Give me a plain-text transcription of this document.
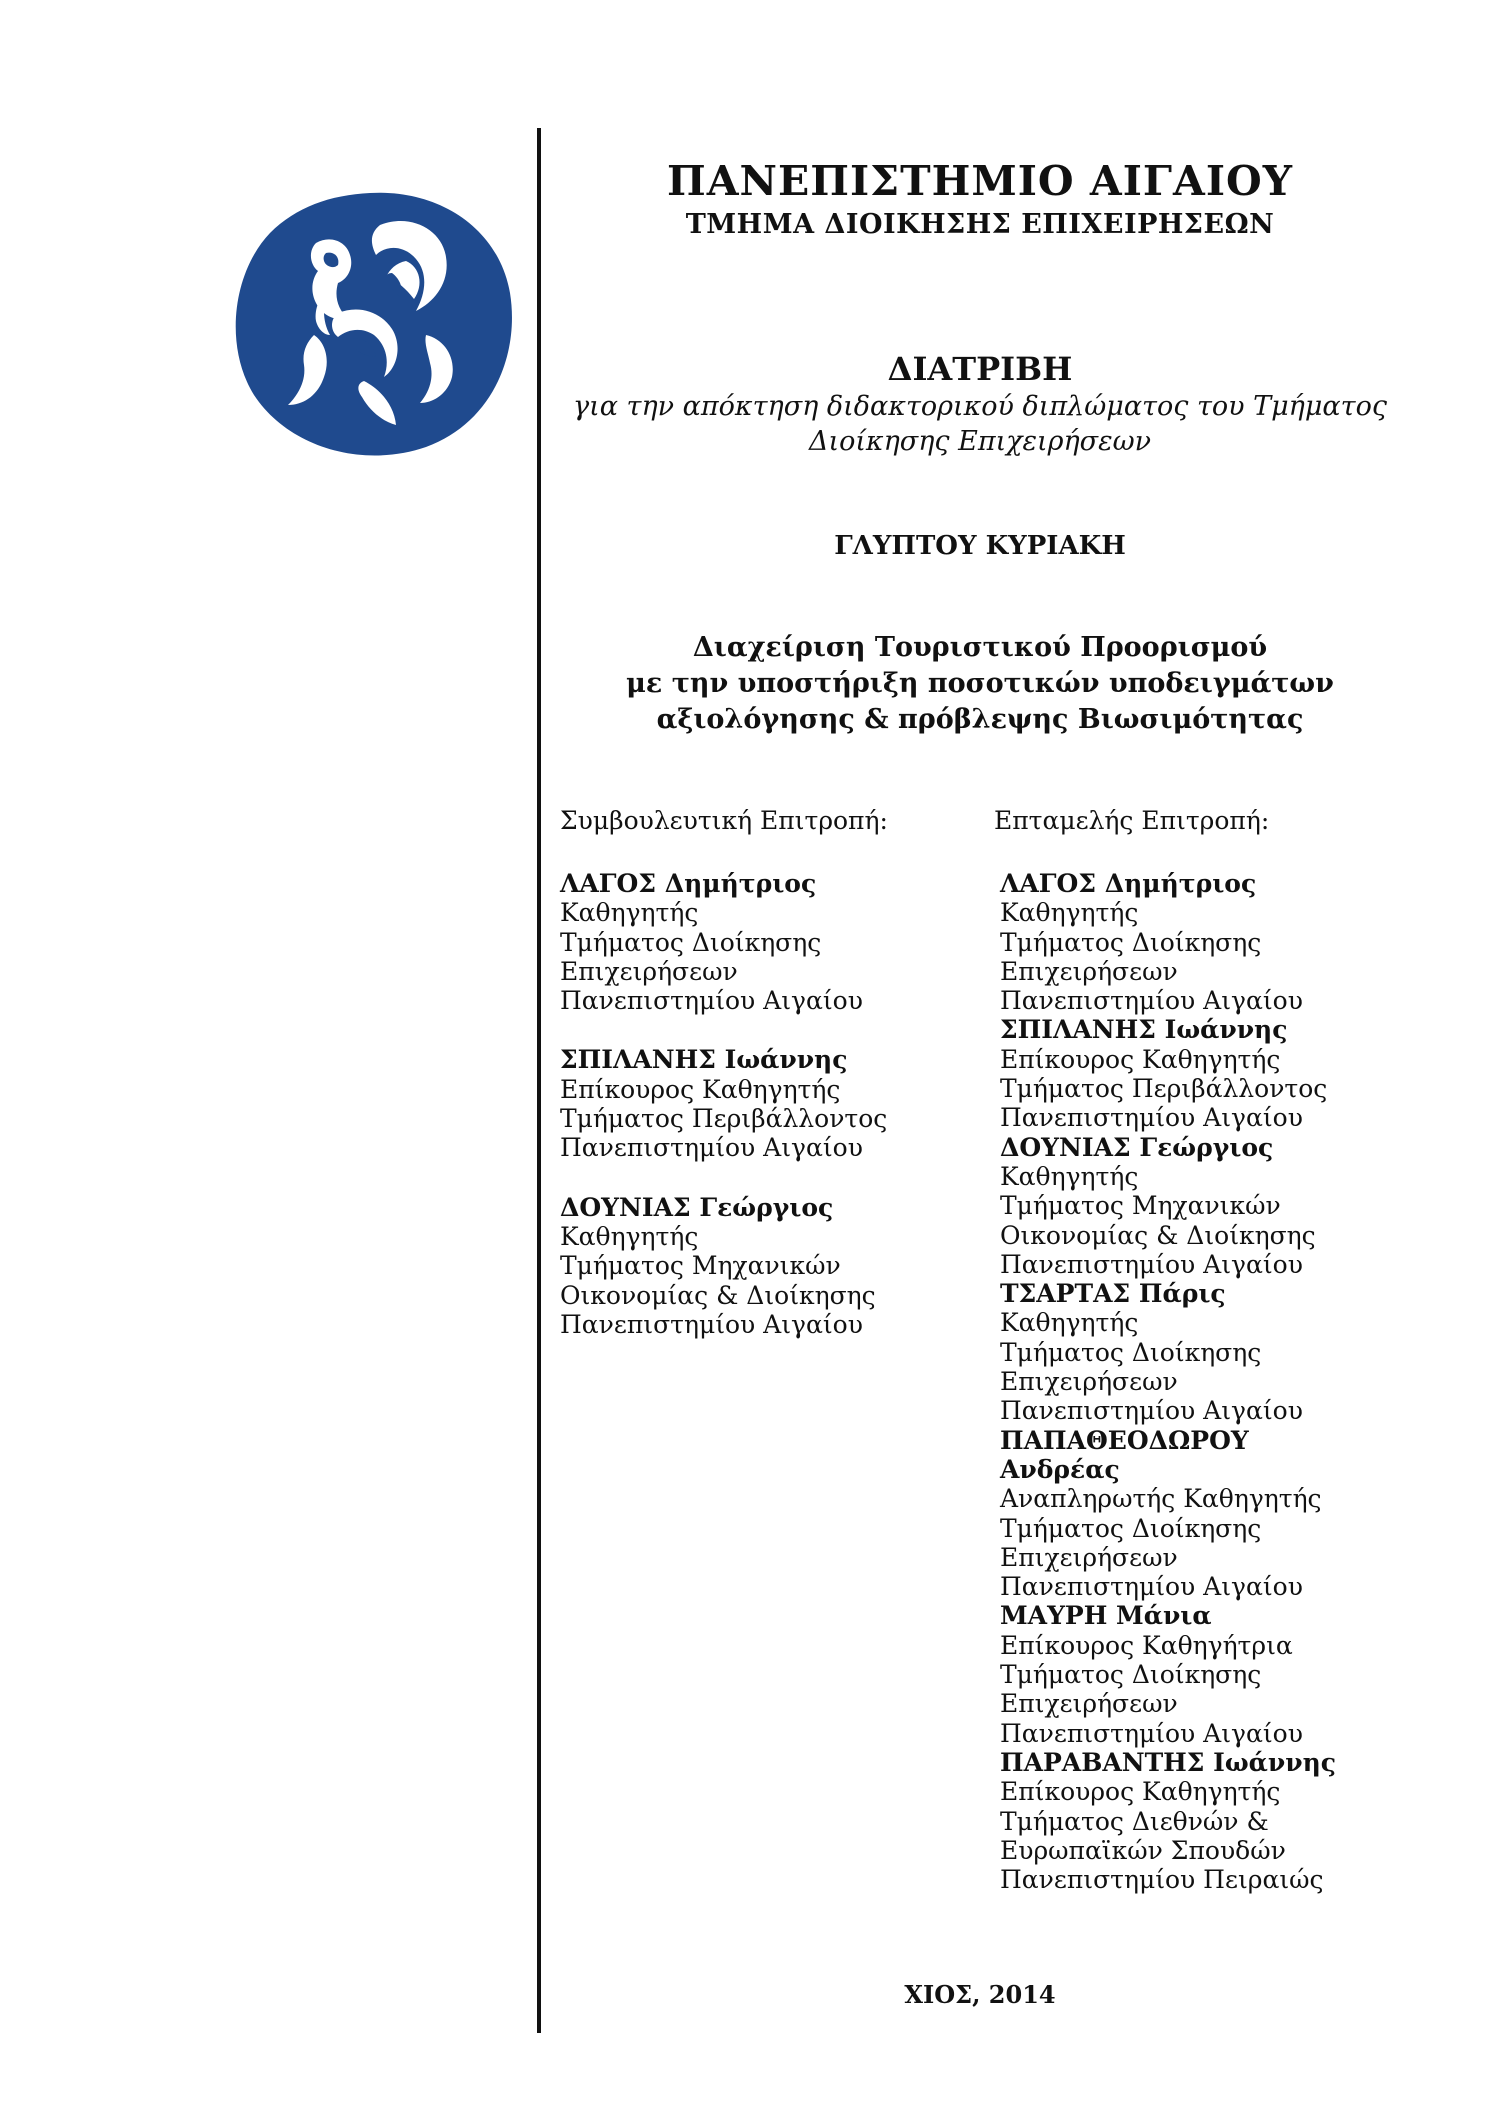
ΠΑΝΕΠΙΣΤΗΜΙΟ ΑΙΓΑΙΟΥ
ΤΜΗΜΑ ΔΙΟΙΚΗΣΗΣ ΕΠΙΧΕΙΡΗΣΕΩΝ
ΔΙΑΤΡΙΒΗ
για την απόκτηση διδακτορικού διπλώματος του Τμήματος
Διοίκησης Επιχειρήσεων
ΓΛΥΠΤΟΥ ΚΥΡΙΑΚΗ
Διαχείριση Τουριστικού Προορισμού
με την υποστήριξη ποσοτικών υποδειγμάτων
αξιολόγησης & πρόβλεψης Βιωσιμότητας
Συμβουλευτική Επιτροπή:
ΛΑΓΟΣ Δημήτριος
Καθηγητής
Τμήματος Διοίκησης
Επιχειρήσεων
Πανεπιστημίου Αιγαίου
ΣΠΙΛΑΝΗΣ Ιωάννης
Επίκουρος Καθηγητής
Τμήματος Περιβάλλοντος
Πανεπιστημίου Αιγαίου
ΔΟΥΝΙΑΣ Γεώργιος
Καθηγητής
Τμήματος Μηχανικών
Οικονομίας & Διοίκησης
Πανεπιστημίου Αιγαίου
Επταμελής Επιτροπή:
ΛΑΓΟΣ Δημήτριος
Καθηγητής
Τμήματος Διοίκησης
Επιχειρήσεων
Πανεπιστημίου Αιγαίου
ΣΠΙΛΑΝΗΣ Ιωάννης
Επίκουρος Καθηγητής
Τμήματος Περιβάλλοντος
Πανεπιστημίου Αιγαίου
ΔΟΥΝΙΑΣ Γεώργιος
Καθηγητής
Τμήματος Μηχανικών
Οικονομίας & Διοίκησης
Πανεπιστημίου Αιγαίου
ΤΣΑΡΤΑΣ Πάρις
Καθηγητής
Τμήματος Διοίκησης
Επιχειρήσεων
Πανεπιστημίου Αιγαίου
ΠΑΠΑΘΕΟΔΩΡΟΥ
Ανδρέας
Αναπληρωτής Καθηγητής
Τμήματος Διοίκησης
Επιχειρήσεων
Πανεπιστημίου Αιγαίου
ΜΑΥΡΗ Μάνια
Επίκουρος Καθηγήτρια
Τμήματος Διοίκησης
Επιχειρήσεων
Πανεπιστημίου Αιγαίου
ΠΑΡΑΒΑΝΤΗΣ Ιωάννης
Επίκουρος Καθηγητής
Τμήματος Διεθνών &
Ευρωπαϊκών Σπουδών
Πανεπιστημίου Πειραιώς
ΧΙΟΣ, 2014
